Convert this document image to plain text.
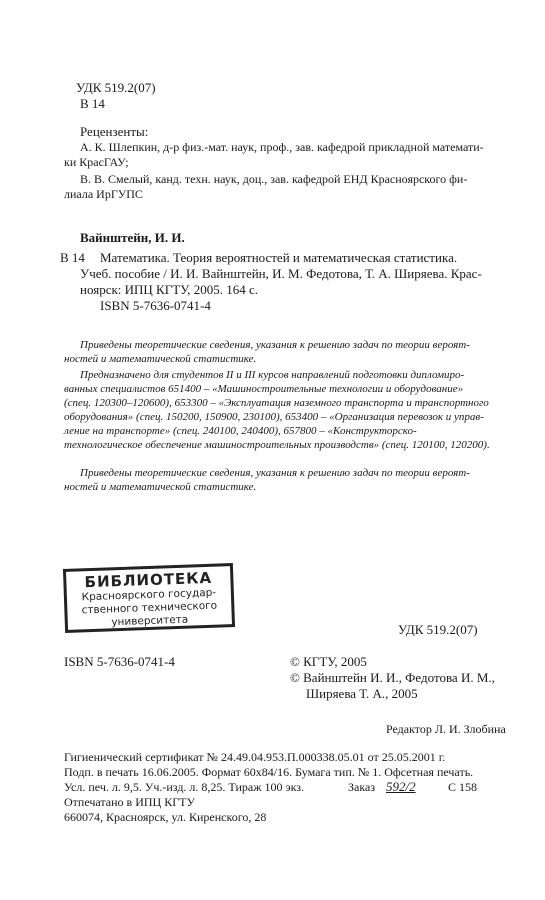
УДК 519.2(07)
В 14
Рецензенты:
А. К. Шлепкин, д-р физ.-мат. наук, проф., зав. кафедрой прикладной математи-
ки КрасГАУ;
В. В. Смелый, канд. техн. наук, доц., зав. кафедрой ЕНД Красноярского фи-
лиала ИрГУПС
Вайнштейн, И. И.
В 14 Математика. Теория вероятностей и математическая статистика.
Учеб. пособие / И. И. Вайнштейн, И. М. Федотова, Т. А. Ширяева. Крас-
ноярск: ИПЦ КГТУ, 2005. 164 с.
ISBN 5-7636-0741-4
Приведены теоретические сведения, указания к решению задач по теории вероят-
ностей и математической статистике.
Предназначено для студентов II и III курсов направлений подготовки дипломиро-
ванных специалистов 651400 – «Машиностроительные технологии и оборудование»
(спец. 120300–120600), 653300 – «Эксплуатация наземного транспорта и транспортного
оборудования» (спец. 150200, 150900, 230100), 653400 – «Организация перевозок и управ-
ление на транспорте» (спец. 240100, 240400), 657800 – «Конструкторско-
технологическое обеспечение машиностроительных производств» (спец. 120100, 120200).
Приведены теоретические сведения, указания к решению задач по теории вероят-
ностей и математической статистике.
БИБЛИОТЕКА
Красноярского государ-
ственного технического
университета
УДК 519.2(07)
ISBN 5-7636-0741-4	© КГТУ, 2005
© Вайнштейн И. И., Федотова И. М.,
Ширяева Т. А., 2005
Редактор Л. И. Злобина
Гигиенический сертификат № 24.49.04.953.П.000338.05.01 от 25.05.2001 г.
Подп. в печать 16.06.2005. Формат 60x84/16. Бумага тип. № 1. Офсетная печать.
Усл. печ. л. 9,5. Уч.-изд. л. 8,25. Тираж 100 экз.	Заказ 592/2	С 158
Отпечатано в ИПЦ КГТУ
660074, Красноярск, ул. Киренского, 28
